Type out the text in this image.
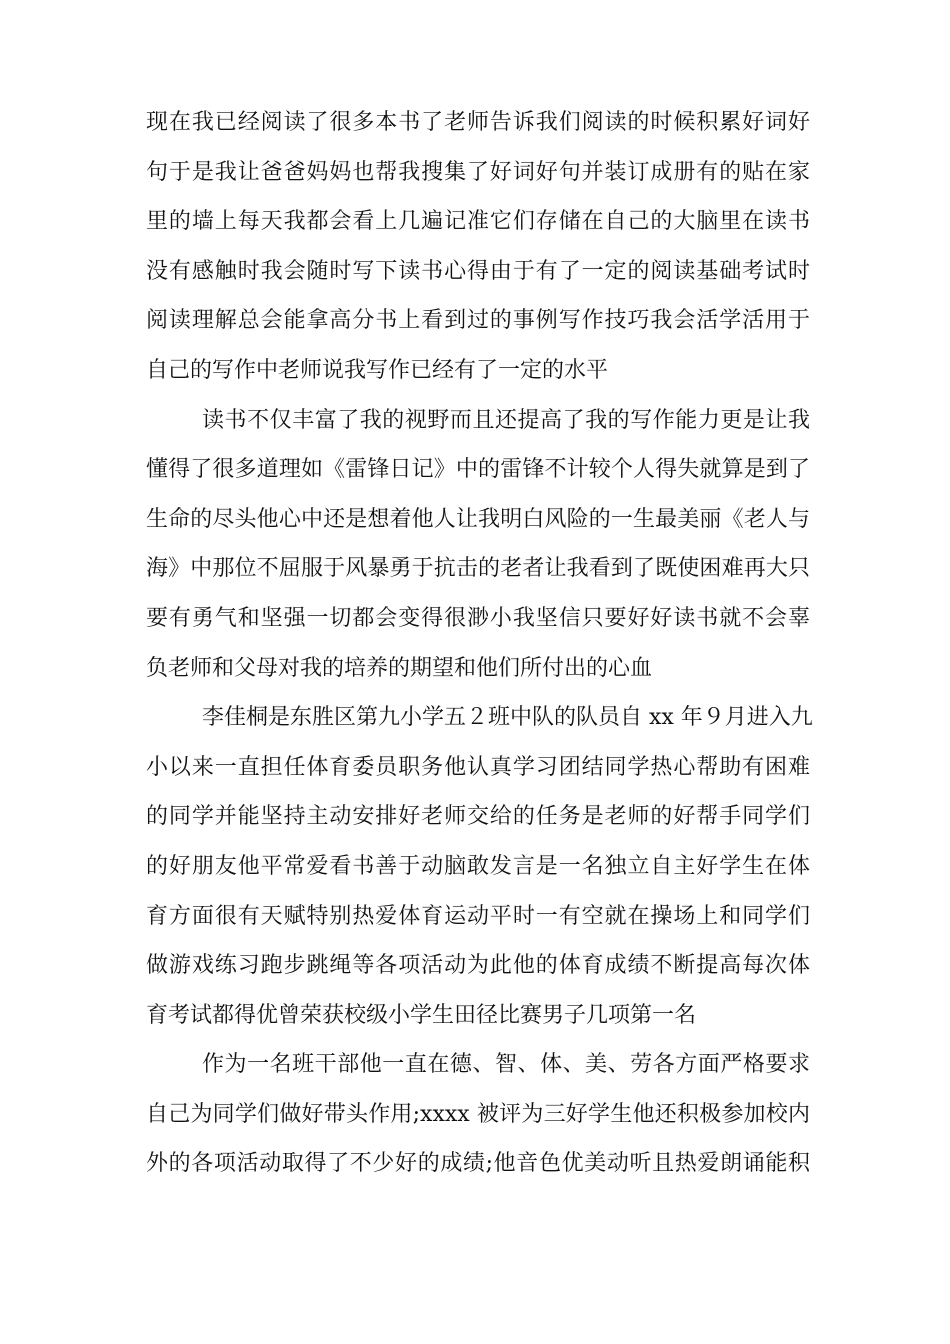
现在我已经阅读了很多本书了老师告诉我们阅读的时候积累好词好
句于是我让爸爸妈妈也帮我搜集了好词好句并装订成册有的贴在家
里的墙上每天我都会看上几遍记准它们存储在自己的大脑里在读书
没有感触时我会随时写下读书心得由于有了一定的阅读基础考试时
阅读理解总会能拿高分书上看到过的事例写作技巧我会活学活用于
自己的写作中老师说我写作已经有了一定的水平

读书不仅丰富了我的视野而且还提高了我的写作能力更是让我
懂得了很多道理如《雷锋日记》中的雷锋不计较个人得失就算是到了
生命的尽头他心中还是想着他人让我明白风险的一生最美丽《老人与
海》中那位不屈服于风暴勇于抗击的老者让我看到了既使困难再大只
要有勇气和坚强一切都会变得很渺小我坚信只要好好读书就不会辜
负老师和父母对我的培养的期望和他们所付出的心血

李佳桐是东胜区第九小学五２班中队的队员自 xx 年９月进入九
小以来一直担任体育委员职务他认真学习团结同学热心帮助有困难
的同学并能坚持主动安排好老师交给的任务是老师的好帮手同学们
的好朋友他平常爱看书善于动脑敢发言是一名独立自主好学生在体
育方面很有天赋特别热爱体育运动平时一有空就在操场上和同学们
做游戏练习跑步跳绳等各项活动为此他的体育成绩不断提高每次体
育考试都得优曾荣获校级小学生田径比赛男子几项第一名

作为一名班干部他一直在德、智、体、美、劳各方面严格要求
自己为同学们做好带头作用;xxxx 被评为三好学生他还积极参加校内
外的各项活动取得了不少好的成绩;他音色优美动听且热爱朗诵能积
